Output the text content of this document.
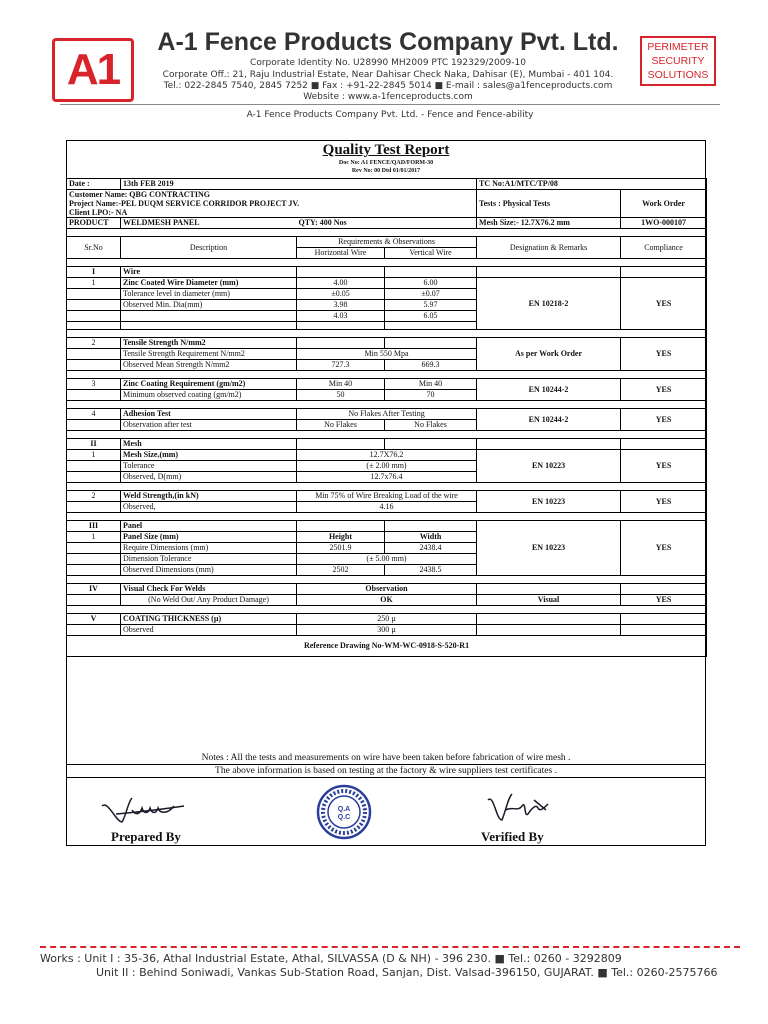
A1
A-1 Fence Products Company Pvt. Ltd.
Corporate Identity No. U28990 MH2009 PTC 192329/2009-10
Corporate Off.: 21, Raju Industrial Estate, Near Dahisar Check Naka, Dahisar (E), Mumbai - 401 104.
Tel.: 022-2845 7540, 2845 7252 ■ Fax : +91-22-2845 5014 ■ E-mail : sales@a1fenceproducts.com
Website : www.a-1fenceproducts.com
PERIMETER
SECURITY
SOLUTIONS
A-1 Fence Products Company Pvt. Ltd. - Fence and Fence-ability
Quality Test Report
Doc No: A1 FENCE/QAD/FORM-30
Rev No: 00 Dtd 01/01/2017
Date :	13th FEB 2019			TC No:A1/MTC/TP/08	
Customer Name: QBG CONTRACTING				Tests : Physical Tests	Work Order
Project Name:-PEL DUQM SERVICE CORRIDOR PROJECT JV.					
Client LPO:- NA					
PRODUCT	WELDMESH PANEL	QTY: 400 Nos		Mesh Size:- 12.7X76.2 mm	1WO-000107

Sr.No	Description	Requirements & Observations		Designation & Remarks	Compliance
		Horizontal Wire	Vertical Wire		

I	Wire				
1	Zinc Coated Wire Diameter (mm)	4.00	6.00	EN 10218-2	YES
	Tolerance level in diameter (mm)	±0.05	±0.07		
	Observed Min. Dia(mm)	3.98	5.97		
		4.03	6.05		

2	Tensile Strength N/mm2			As per Work Order	YES
	Tensile Strength Requirement N/mm2	Min 550 Mpa			
	Observed Mean Strength N/mm2	727.3	669.3		

3	Zinc Coating Requirement (gm/m2)	Min 40	Min 40	EN 10244-2	YES
	Minimum observed coating (gm/m2)	50	70		

4	Adhesion Test	No Flakes After Testing		EN 10244-2	YES
	Observation after test	No Flakes	No Flakes		

II	Mesh				
1	Mesh Size,(mm)	12.7X76.2		EN 10223	YES
	Tolerance	(± 2.00 mm)			
	Observed, D(mm)	12.7x76.4			

2	Weld Strength,(in kN)	Min 75% of Wire Breaking Load of the wire		EN 10223	YES
	Observed,	4.16			

III	Panel			EN 10223	YES
1	Panel Size (mm)	Height	Width		
	Require Dimensions (mm)	2501.9	2438.4		
	Dimension Tolerance	(± 5.00 mm)			
	Observed Dimensions (mm)	2502	2438.5		

IV	Visual Check For Welds	Observation			
	(No Weld Out/ Any Product Damage)	OK		Visual	YES

V	COATING THICKNESS (µ)	250 µ			
	Observed	300 µ			
Reference Drawing No-WM-WC-0918-S-520-R1					
Notes : All the tests and measurements on wire have been taken before fabrication of wire mesh .
The above information is based on testing at the factory & wire suppliers test certificates .
Q.A
Q.C
Prepared By	Verified By
Works : Unit I : 35-36, Athal Industrial Estate, Athal, SILVASSA (D & NH) - 396 230. ■ Tel.: 0260 - 3292809
Unit II : Behind Soniwadi, Vankas Sub-Station Road, Sanjan, Dist. Valsad-396150, GUJARAT. ■ Tel.: 0260-2575766
